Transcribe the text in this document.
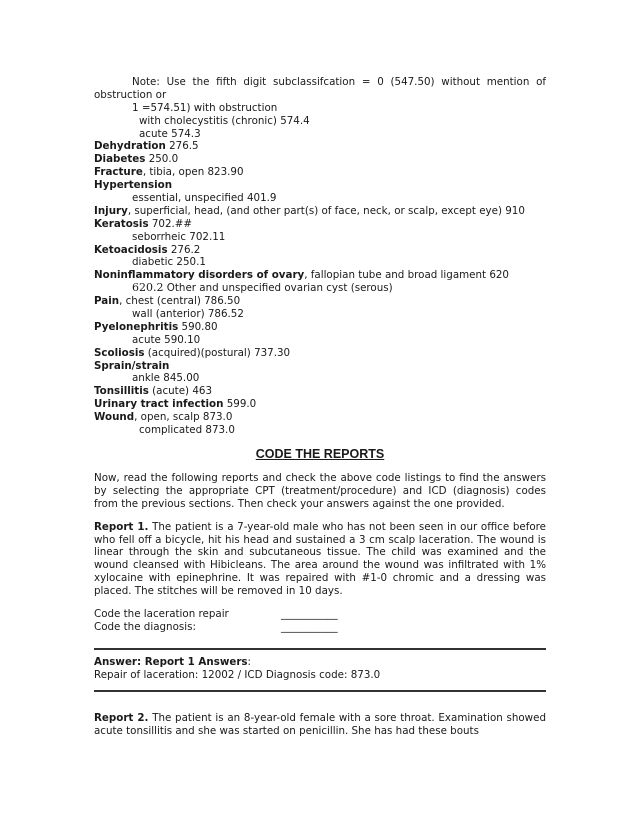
Note: Use the fifth digit subclassifcation = 0 (547.50) without mention of
obstruction or
1 =574.51) with obstruction
with cholecystitis (chronic) 574.4
acute 574.3
Dehydration 276.5
Diabetes 250.0
Fracture, tibia, open 823.90
Hypertension
essential, unspecified 401.9
Injury, superficial, head, (and other part(s) of face, neck, or scalp, except eye) 910
Keratosis 702.##
seborrheic 702.11
Ketoacidosis 276.2
diabetic 250.1
Noninflammatory disorders of ovary, fallopian tube and broad ligament 620
620.2 Other and unspecified ovarian cyst (serous)
Pain, chest (central) 786.50
wall (anterior) 786.52
Pyelonephritis 590.80
acute 590.10
Scoliosis (acquired)(postural) 737.30
Sprain/strain
ankle 845.00
Tonsillitis (acute) 463
Urinary tract infection 599.0
Wound, open, scalp 873.0
complicated 873.0
CODE THE REPORTS
Now, read the following reports and check the above code listings to find the answers by selecting the appropriate CPT (treatment/procedure) and ICD (diagnosis) codes from the previous sections. Then check your answers against the one provided.
Report 1. The patient is a 7-year-old male who has not been seen in our office before who fell off a bicycle, hit his head and sustained a 3 cm scalp laceration. The wound is linear through the skin and subcutaneous tissue. The child was examined and the wound cleansed with Hibicleans. The area around the wound was infiltrated with 1% xylocaine with epinephrine. It was repaired with #1-0 chromic and a dressing was placed. The stitches will be removed in 10 days.
Code the laceration repair	___________
Code the diagnosis:	___________
Answer: Report 1 Answers:
Repair of laceration: 12002 / ICD Diagnosis code: 873.0
Report 2. The patient is an 8-year-old female with a sore throat. Examination showed acute tonsillitis and she was started on penicillin. She has had these bouts
